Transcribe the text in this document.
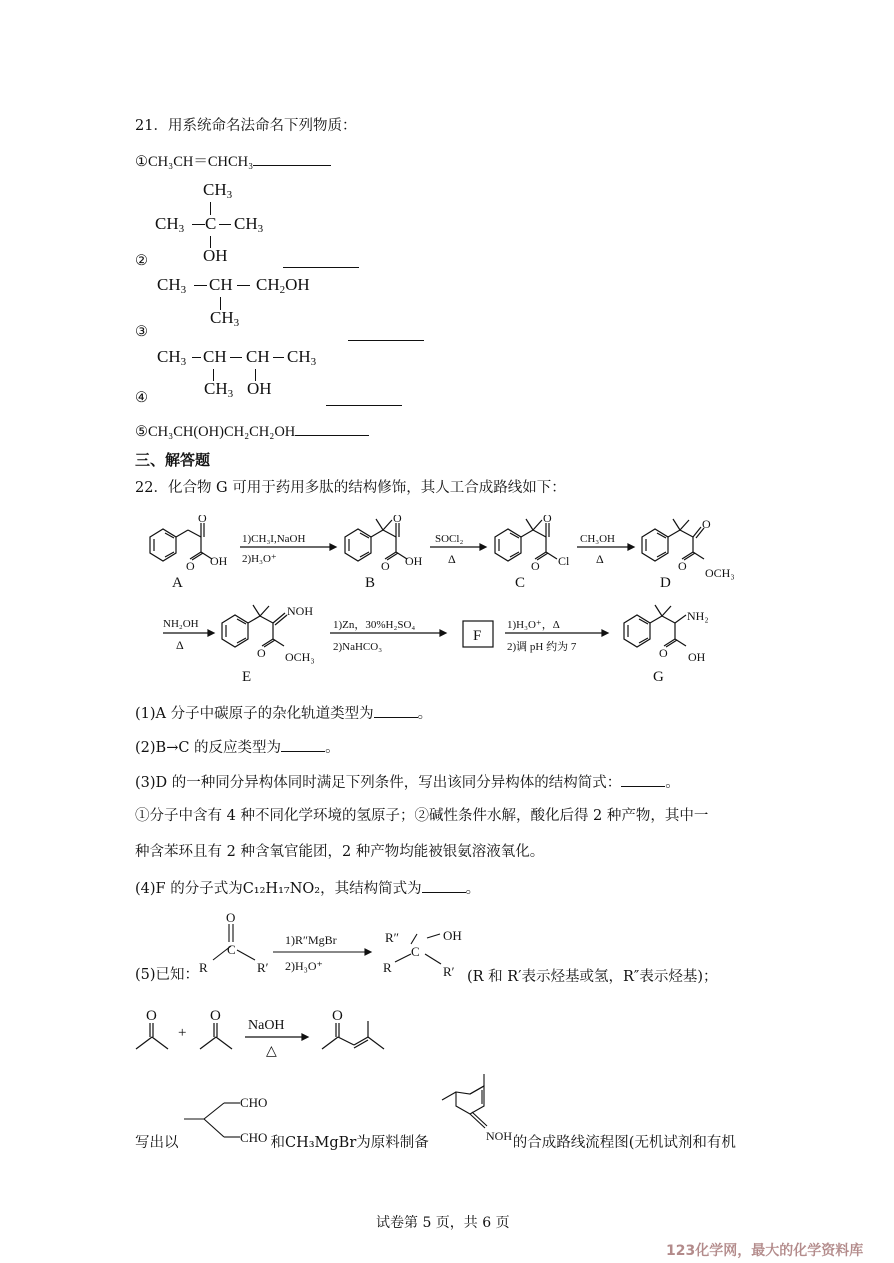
21．用系统命名法命名下列物质：
①CH₃CH＝CHCH₃
$CH_3$
$CH_3$ C $CH_3$
OH
②
$CH_3$ CH $CH_2OH$
$CH_3$
③
$CH_3$ CH CH $CH_3$
$CH_3$ OH
④
⑤CH₃CH(OH)CH₂CH₂OH
三、解答题
22．化合物 G 可用于药用多肽的结构修饰，其人工合成路线如下：
O
O OH
A
1)CH₃I,NaOH
2)H₃O⁺
O
O OH
B
SOCl₂
Δ
O
O Cl
C
CH₃OH
Δ
O
O OCH₃
D
NH₂OH
Δ
NOH
O OCH₃
E
1)Zn，30%H₂SO₄
2)NaHCO₃
F
1)H₃O⁺，Δ
2)调 pH 约为 7
NH₂
O OH
G
(1)A 分子中碳原子的杂化轨道类型为	。
(2)B→C 的反应类型为	。
(3)D 的一种同分异构体同时满足下列条件，写出该同分异构体的结构简式：	。
①分子中含有 4 种不同化学环境的氢原子；②碱性条件水解，酸化后得 2 种产物，其中一
种含苯环且有 2 种含氧官能团，2 种产物均能被银氨溶液氧化。
(4)F 的分子式为C₁₂H₁₇NO₂，其结构简式为	。
(5)已知：
O
C
R	R′
1)R″MgBr
2)H₃O⁺
R″	OH
C
R	R′ (R 和 R′表示烃基或氢，R″表示烃基)；
O
+
O
NaOH
△
O
CHO
CHO	NOH
写出以	和CH₃MgBr为原料制备	的合成路线流程图(无机试剂和有机
试卷第 5 页，共 6 页
123化学网，最大的化学资料库
